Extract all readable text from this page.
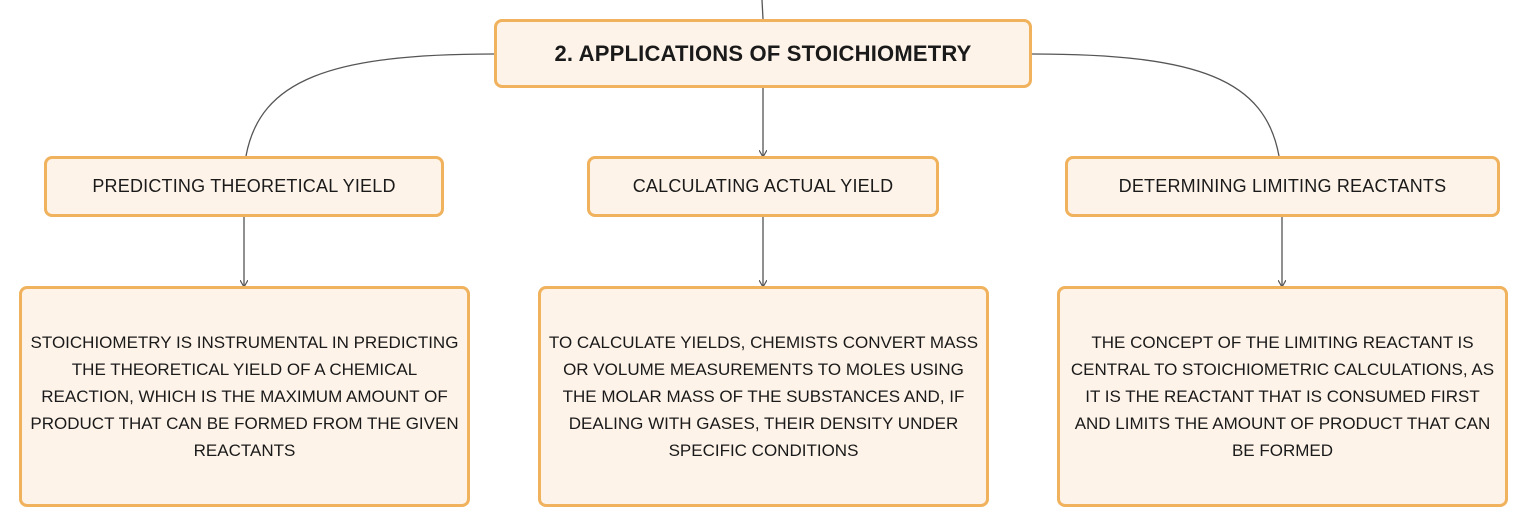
2. APPLICATIONS OF STOICHIOMETRY
PREDICTING THEORETICAL YIELD	CALCULATING ACTUAL YIELD	DETERMINING LIMITING REACTANTS
STOICHIOMETRY IS INSTRUMENTAL IN PREDICTING THE THEORETICAL YIELD OF A CHEMICAL REACTION, WHICH IS THE MAXIMUM AMOUNT OF PRODUCT THAT CAN BE FORMED FROM THE GIVEN REACTANTS
TO CALCULATE YIELDS, CHEMISTS CONVERT MASS OR VOLUME MEASUREMENTS TO MOLES USING THE MOLAR MASS OF THE SUBSTANCES AND, IF DEALING WITH GASES, THEIR DENSITY UNDER SPECIFIC CONDITIONS
THE CONCEPT OF THE LIMITING REACTANT IS CENTRAL TO STOICHIOMETRIC CALCULATIONS, AS IT IS THE REACTANT THAT IS CONSUMED FIRST AND LIMITS THE AMOUNT OF PRODUCT THAT CAN BE FORMED
